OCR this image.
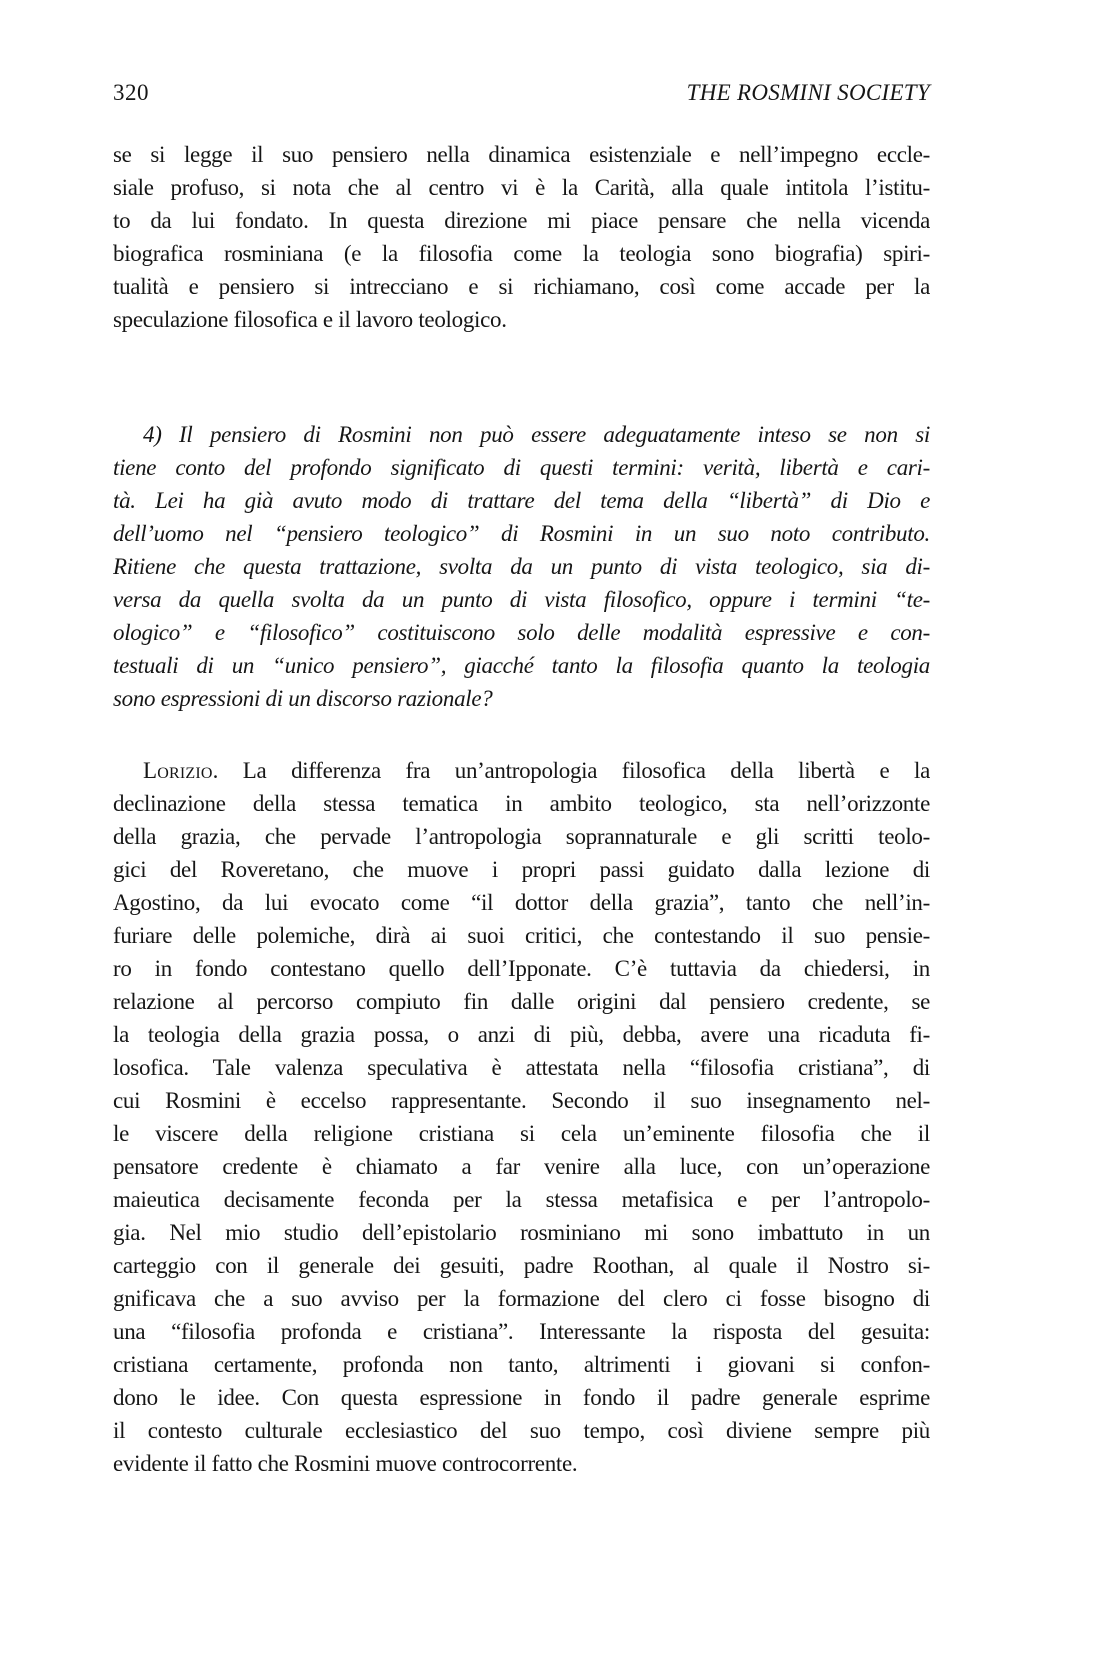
320	THE ROSMINI SOCIETY
se si legge il suo pensiero nella dinamica esistenziale e nell’impegno eccle-
siale profuso, si nota che al centro vi è la Carità, alla quale intitola l’istitu-
to da lui fondato. In questa direzione mi piace pensare che nella vicenda
biografica rosminiana (e la filosofia come la teologia sono biografia) spiri-
tualità e pensiero si intrecciano e si richiamano, così come accade per la
speculazione filosofica e il lavoro teologico.
4) Il pensiero di Rosmini non può essere adeguatamente inteso se non si
tiene conto del profondo significato di questi termini: verità, libertà e cari-
tà. Lei ha già avuto modo di trattare del tema della “libertà” di Dio e
dell’uomo nel “pensiero teologico” di Rosmini in un suo noto contributo.
Ritiene che questa trattazione, svolta da un punto di vista teologico, sia di-
versa da quella svolta da un punto di vista filosofico, oppure i termini “te-
ologico” e “filosofico” costituiscono solo delle modalità espressive e con-
testuali di un “unico pensiero”, giacché tanto la filosofia quanto la teologia
sono espressioni di un discorso razionale?
Lorizio. La differenza fra un’antropologia filosofica della libertà e la
declinazione della stessa tematica in ambito teologico, sta nell’orizzonte
della grazia, che pervade l’antropologia soprannaturale e gli scritti teolo-
gici del Roveretano, che muove i propri passi guidato dalla lezione di
Agostino, da lui evocato come “il dottor della grazia”, tanto che nell’in-
furiare delle polemiche, dirà ai suoi critici, che contestando il suo pensie-
ro in fondo contestano quello dell’Ipponate. C’è tuttavia da chiedersi, in
relazione al percorso compiuto fin dalle origini dal pensiero credente, se
la teologia della grazia possa, o anzi di più, debba, avere una ricaduta fi-
losofica. Tale valenza speculativa è attestata nella “filosofia cristiana”, di
cui Rosmini è eccelso rappresentante. Secondo il suo insegnamento nel-
le viscere della religione cristiana si cela un’eminente filosofia che il
pensatore credente è chiamato a far venire alla luce, con un’operazione
maieutica decisamente feconda per la stessa metafisica e per l’antropolo-
gia. Nel mio studio dell’epistolario rosminiano mi sono imbattuto in un
carteggio con il generale dei gesuiti, padre Roothan, al quale il Nostro si-
gnificava che a suo avviso per la formazione del clero ci fosse bisogno di
una “filosofia profonda e cristiana”. Interessante la risposta del gesuita:
cristiana certamente, profonda non tanto, altrimenti i giovani si confon-
dono le idee. Con questa espressione in fondo il padre generale esprime
il contesto culturale ecclesiastico del suo tempo, così diviene sempre più
evidente il fatto che Rosmini muove controcorrente.
